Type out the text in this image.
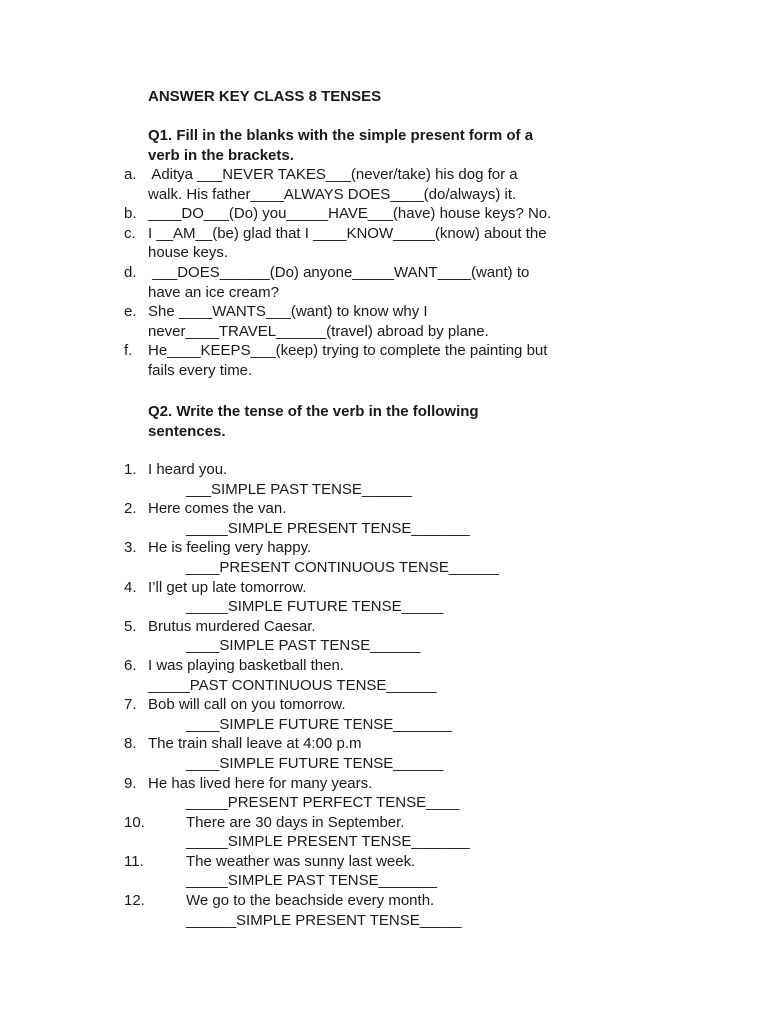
ANSWER KEY CLASS 8 TENSES
Q1. Fill in the blanks with the simple present form of a
verb in the brackets.
a. Aditya ___NEVER TAKES___(never/take) his dog for a
walk. His father____ALWAYS DOES____(do/always) it.
b. ____DO___(Do) you_____HAVE___(have) house keys? No.
c. I __AM__(be) glad that I ____KNOW_____(know) about the
house keys.
d. ___DOES______(Do) anyone_____WANT____(want) to
have an ice cream?
e. She ____WANTS___(want) to know why I
never____TRAVEL______(travel) abroad by plane.
f.	He____KEEPS___(keep) trying to complete the painting but
fails every time.
Q2. Write the tense of the verb in the following
sentences.
1. I heard you.
___SIMPLE PAST TENSE______
2. Here comes the van.
_____SIMPLE PRESENT TENSE_______
3. He is feeling very happy.
____PRESENT CONTINUOUS TENSE______
4. I’ll get up late tomorrow.
_____SIMPLE FUTURE TENSE_____
5. Brutus murdered Caesar.
____SIMPLE PAST TENSE______
6. I was playing basketball then.
_____PAST CONTINUOUS TENSE______
7. Bob will call on you tomorrow.
____SIMPLE FUTURE TENSE_______
8. The train shall leave at 4:00 p.m
____SIMPLE FUTURE TENSE______
9. He has lived here for many years.
_____PRESENT PERFECT TENSE____
10.	There are 30 days in September.
_____SIMPLE PRESENT TENSE_______
11.	The weather was sunny last week.
_____SIMPLE PAST TENSE_______
12.	We go to the beachside every month.
______SIMPLE PRESENT TENSE_____
